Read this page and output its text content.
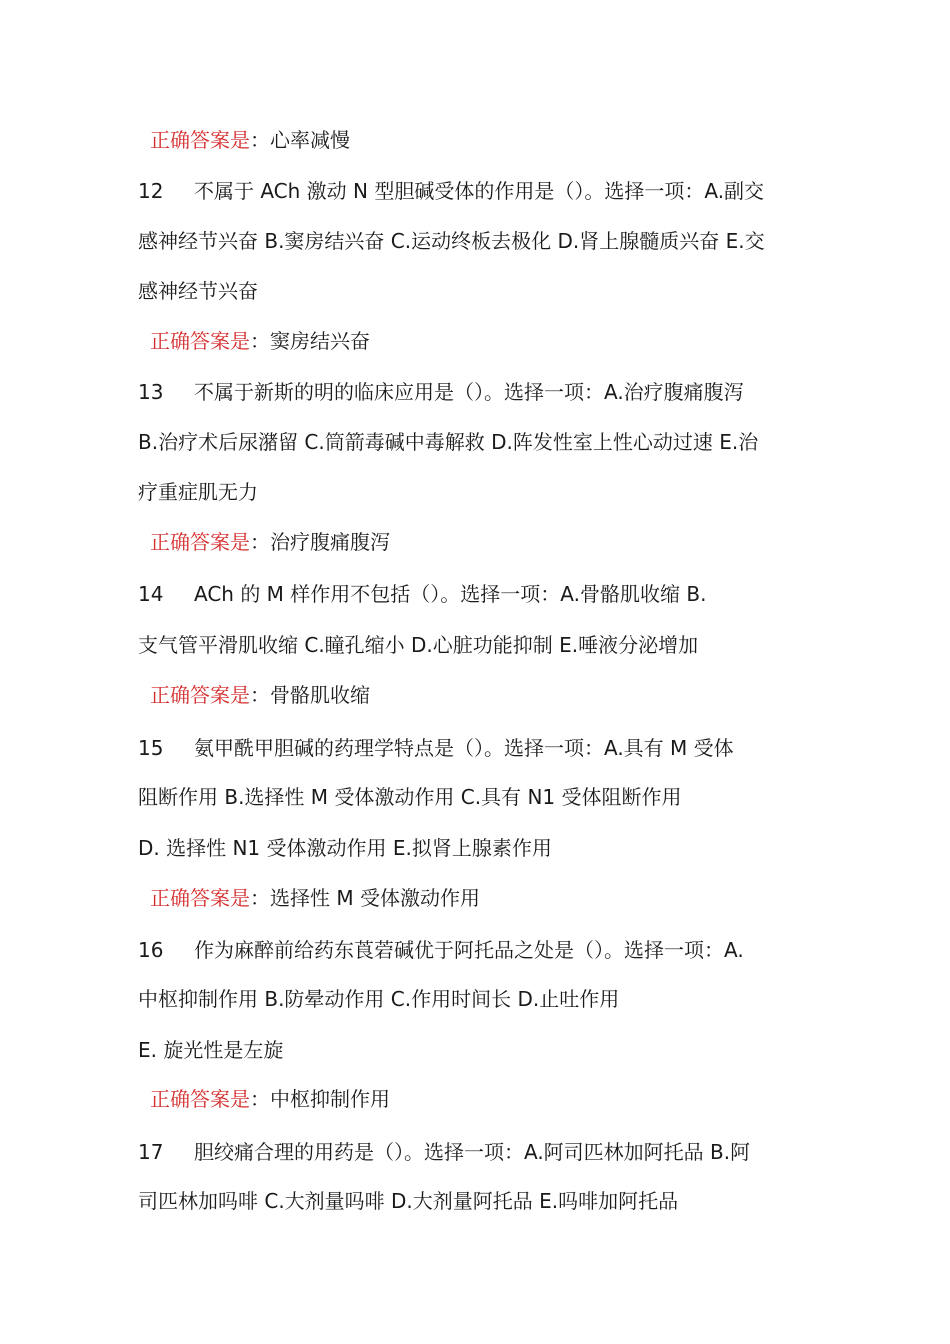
正确答案是：心率减慢
12 不属于 ACh 激动 N 型胆碱受体的作用是（）。选择一项：A.副交
感神经节兴奋 B.窦房结兴奋 C.运动终板去极化 D.肾上腺髓质兴奋 E.交
感神经节兴奋
正确答案是：窦房结兴奋
13 不属于新斯的明的临床应用是（）。选择一项：A.治疗腹痛腹泻
B.治疗术后尿潴留 C.筒箭毒碱中毒解救 D.阵发性室上性心动过速 E.治
疗重症肌无力
正确答案是：治疗腹痛腹泻
14 ACh 的 M 样作用不包括（）。选择一项：A.骨骼肌收缩 B.
支气管平滑肌收缩 C.瞳孔缩小 D.心脏功能抑制 E.唾液分泌增加
正确答案是：骨骼肌收缩
15 氨甲酰甲胆碱的药理学特点是（）。选择一项：A.具有 M 受体
阻断作用 B.选择性 M 受体激动作用 C.具有 N1 受体阻断作用
D. 选择性 N1 受体激动作用 E.拟肾上腺素作用
正确答案是：选择性 M 受体激动作用
16 作为麻醉前给药东莨菪碱优于阿托品之处是（）。选择一项：A.
中枢抑制作用 B.防晕动作用 C.作用时间长 D.止吐作用
E. 旋光性是左旋
正确答案是：中枢抑制作用
17 胆绞痛合理的用药是（）。选择一项：A.阿司匹林加阿托品 B.阿
司匹林加吗啡 C.大剂量吗啡 D.大剂量阿托品 E.吗啡加阿托品
